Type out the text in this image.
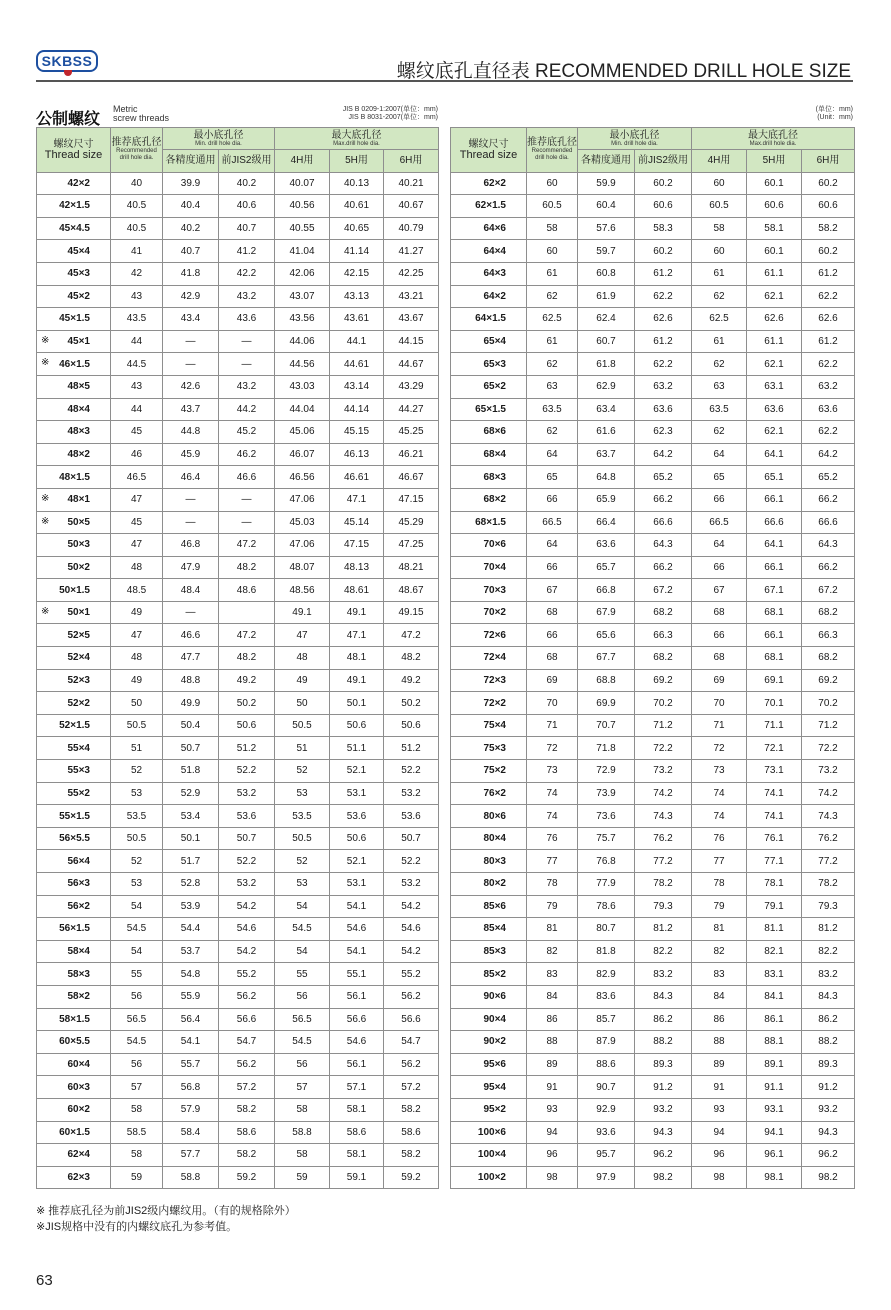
SKBSS	螺纹底孔直径表 RECOMMENDED DRILL HOLE SIZE
公制螺纹
Metric
screw threads
JIS B 0209-1:2007(单位：mm)
JIS B 8031-2007(单位：mm)
(单位：mm)
(Unit：mm)
螺纹尺寸
Thread size	推荐底孔径
Recommended
drill hole dia.	最小底孔径
Min. drill hole dia.		最大底孔径
Max.drill hole dia.		

		各精度通用	前JIS2级用	4H用	5H用	6H用

42×2	40	39.9	40.2	40.07	40.13	40.21

42×1.5	40.5	40.4	40.6	40.56	40.61	40.67

45×4.5	40.5	40.2	40.7	40.55	40.65	40.79

45×4	41	40.7	41.2	41.04	41.14	41.27

45×3	42	41.8	42.2	42.06	42.15	42.25

45×2	43	42.9	43.2	43.07	43.13	43.21

45×1.5	43.5	43.4	43.6	43.56	43.61	43.67

※ 45×1	44	—	—	44.06	44.1	44.15

※ 46×1.5	44.5	—	—	44.56	44.61	44.67

48×5	43	42.6	43.2	43.03	43.14	43.29

48×4	44	43.7	44.2	44.04	44.14	44.27

48×3	45	44.8	45.2	45.06	45.15	45.25

48×2	46	45.9	46.2	46.07	46.13	46.21

48×1.5	46.5	46.4	46.6	46.56	46.61	46.67

※ 48×1	47	—	—	47.06	47.1	47.15

※ 50×5	45	—	—	45.03	45.14	45.29

50×3	47	46.8	47.2	47.06	47.15	47.25

50×2	48	47.9	48.2	48.07	48.13	48.21

50×1.5	48.5	48.4	48.6	48.56	48.61	48.67

※ 50×1	49	—		49.1	49.1	49.15

52×5	47	46.6	47.2	47	47.1	47.2

52×4	48	47.7	48.2	48	48.1	48.2

52×3	49	48.8	49.2	49	49.1	49.2

52×2	50	49.9	50.2	50	50.1	50.2

52×1.5	50.5	50.4	50.6	50.5	50.6	50.6

55×4	51	50.7	51.2	51	51.1	51.2

55×3	52	51.8	52.2	52	52.1	52.2

55×2	53	52.9	53.2	53	53.1	53.2

55×1.5	53.5	53.4	53.6	53.5	53.6	53.6

56×5.5	50.5	50.1	50.7	50.5	50.6	50.7

56×4	52	51.7	52.2	52	52.1	52.2

56×3	53	52.8	53.2	53	53.1	53.2

56×2	54	53.9	54.2	54	54.1	54.2

56×1.5	54.5	54.4	54.6	54.5	54.6	54.6

58×4	54	53.7	54.2	54	54.1	54.2

58×3	55	54.8	55.2	55	55.1	55.2

58×2	56	55.9	56.2	56	56.1	56.2

58×1.5	56.5	56.4	56.6	56.5	56.6	56.6

60×5.5	54.5	54.1	54.7	54.5	54.6	54.7

60×4	56	55.7	56.2	56	56.1	56.2

60×3	57	56.8	57.2	57	57.1	57.2

60×2	58	57.9	58.2	58	58.1	58.2

60×1.5	58.5	58.4	58.6	58.8	58.6	58.6

62×4	58	57.7	58.2	58	58.1	58.2

62×3	59	58.8	59.2	59	59.1	59.2
螺纹尺寸
Thread size	推荐底孔径
Recommended
drill hole dia.	最小底孔径
Min. drill hole dia.		最大底孔径
Max.drill hole dia.		

		各精度通用	前JIS2级用	4H用	5H用	6H用
62×2	60	59.9	60.2	60	60.1	60.2
62×1.5	60.5	60.4	60.6	60.5	60.6	60.6
64×6	58	57.6	58.3	58	58.1	58.2
64×4	60	59.7	60.2	60	60.1	60.2
64×3	61	60.8	61.2	61	61.1	61.2
64×2	62	61.9	62.2	62	62.1	62.2
64×1.5	62.5	62.4	62.6	62.5	62.6	62.6
65×4	61	60.7	61.2	61	61.1	61.2
65×3	62	61.8	62.2	62	62.1	62.2
65×2	63	62.9	63.2	63	63.1	63.2
65×1.5	63.5	63.4	63.6	63.5	63.6	63.6
68×6	62	61.6	62.3	62	62.1	62.2
68×4	64	63.7	64.2	64	64.1	64.2
68×3	65	64.8	65.2	65	65.1	65.2
68×2	66	65.9	66.2	66	66.1	66.2
68×1.5	66.5	66.4	66.6	66.5	66.6	66.6
70×6	64	63.6	64.3	64	64.1	64.3
70×4	66	65.7	66.2	66	66.1	66.2
70×3	67	66.8	67.2	67	67.1	67.2
70×2	68	67.9	68.2	68	68.1	68.2
72×6	66	65.6	66.3	66	66.1	66.3
72×4	68	67.7	68.2	68	68.1	68.2
72×3	69	68.8	69.2	69	69.1	69.2
72×2	70	69.9	70.2	70	70.1	70.2
75×4	71	70.7	71.2	71	71.1	71.2
75×3	72	71.8	72.2	72	72.1	72.2
75×2	73	72.9	73.2	73	73.1	73.2
76×2	74	73.9	74.2	74	74.1	74.2
80×6	74	73.6	74.3	74	74.1	74.3
80×4	76	75.7	76.2	76	76.1	76.2
80×3	77	76.8	77.2	77	77.1	77.2
80×2	78	77.9	78.2	78	78.1	78.2
85×6	79	78.6	79.3	79	79.1	79.3
85×4	81	80.7	81.2	81	81.1	81.2
85×3	82	81.8	82.2	82	82.1	82.2
85×2	83	82.9	83.2	83	83.1	83.2
90×6	84	83.6	84.3	84	84.1	84.3
90×4	86	85.7	86.2	86	86.1	86.2
90×2	88	87.9	88.2	88	88.1	88.2
95×6	89	88.6	89.3	89	89.1	89.3
95×4	91	90.7	91.2	91	91.1	91.2
95×2	93	92.9	93.2	93	93.1	93.2
100×6	94	93.6	94.3	94	94.1	94.3
100×4	96	95.7	96.2	96	96.1	96.2
100×2	98	97.9	98.2	98	98.1	98.2
※ 推荐底孔径为前JIS2级内螺纹用。（有的规格除外）
※JIS规格中没有的内螺纹底孔为参考值。
63
